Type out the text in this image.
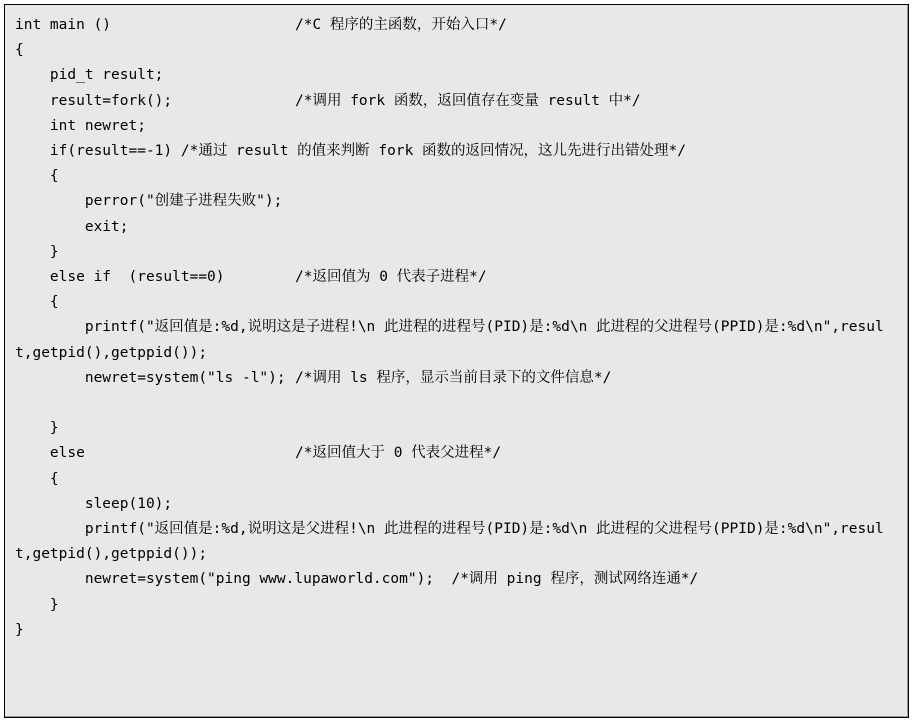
int main ()	/*C 程序的主函数，开始入口*/
{
pid_t result;
result=fork();	/*调用 fork 函数，返回值存在变量 result 中*/
int newret;
if(result==-1) /*通过 result 的值来判断 fork 函数的返回情况，这儿先进行出错处理*/
{
perror("创建子进程失败");
exit;
}
else if  (result==0)	/*返回值为 0 代表子进程*/
{
printf("返回值是:%d,说明这是子进程!\n 此进程的进程号(PID)是:%d\n 此进程的父进程号(PPID)是:%d\n",result,getpid(),getppid());
newret=system("ls -l"); /*调用 ls 程序，显示当前目录下的文件信息*/
}
else	/*返回值大于 0 代表父进程*/
{
sleep(10);
printf("返回值是:%d,说明这是父进程!\n 此进程的进程号(PID)是:%d\n 此进程的父进程号(PPID)是:%d\n",result,getpid(),getppid());
newret=system("ping www.lupaworld.com");  /*调用 ping 程序，测试网络连通*/
}
}
